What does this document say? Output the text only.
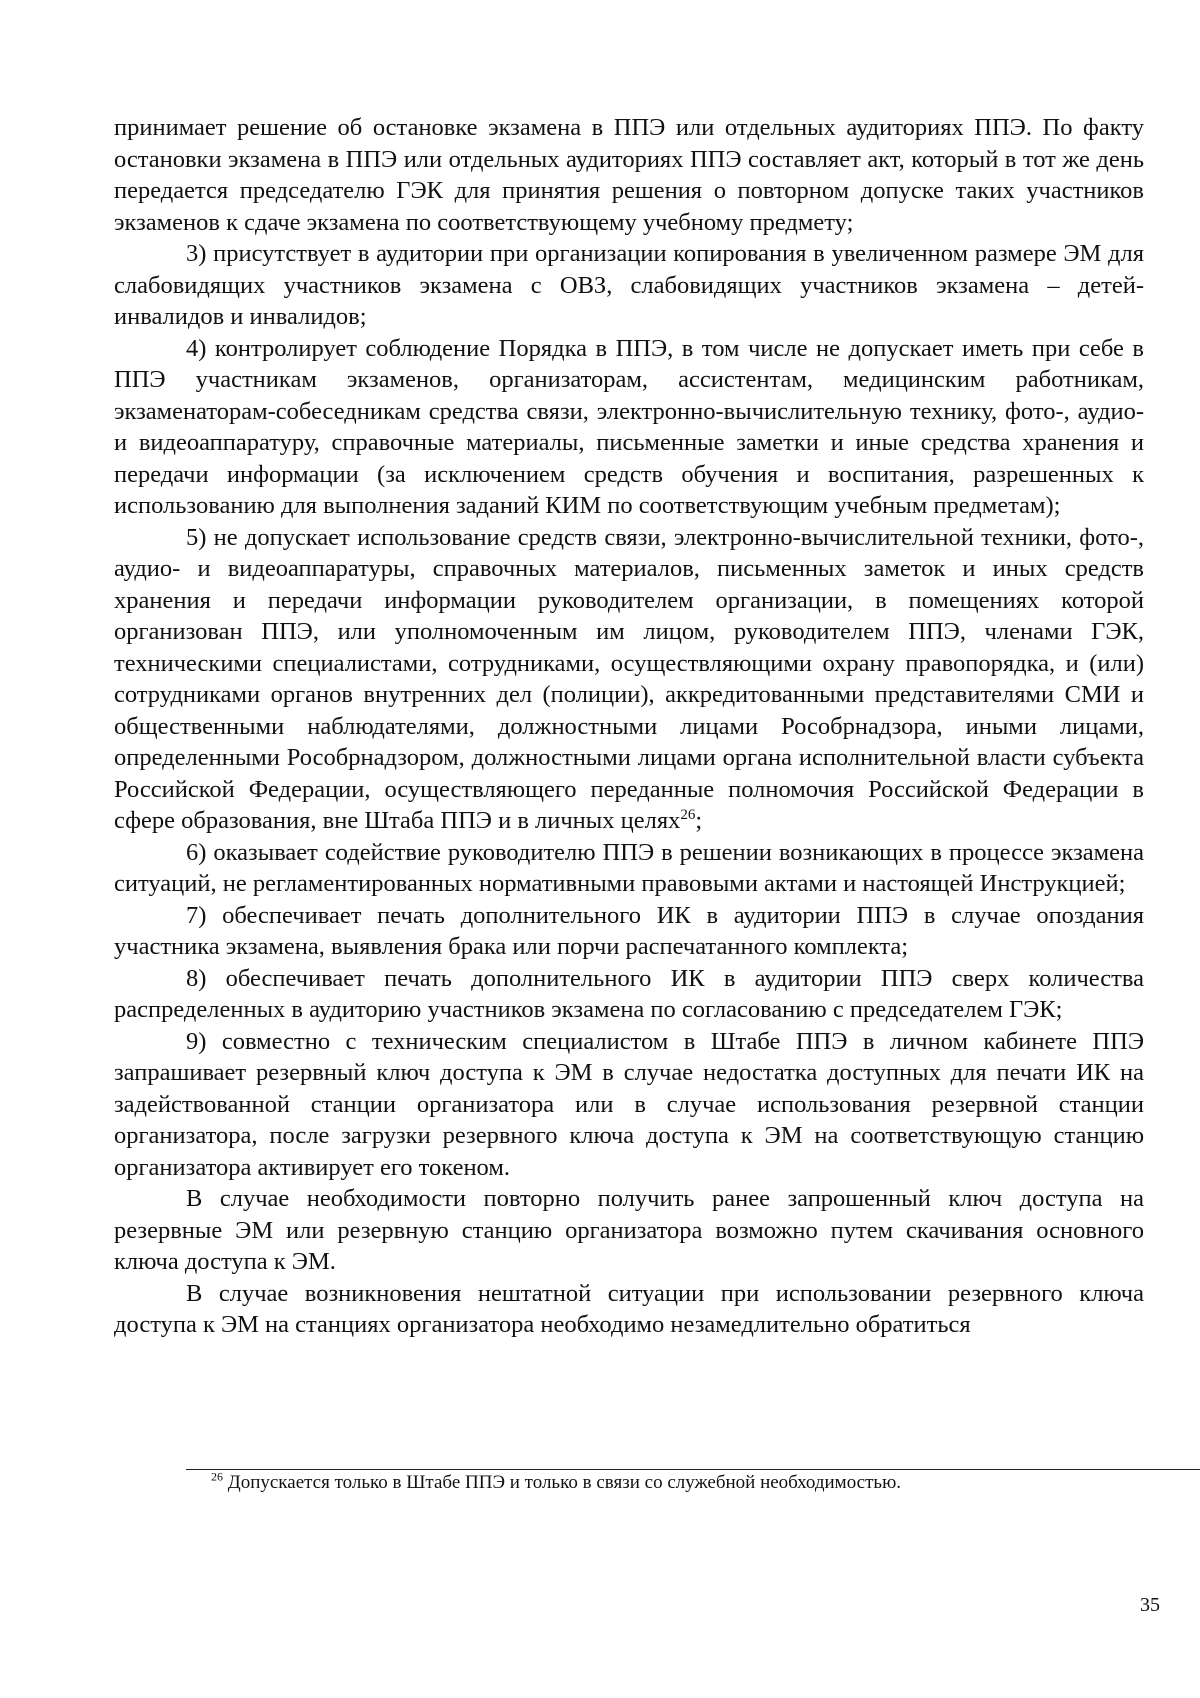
принимает решение об остановке экзамена в ППЭ или отдельных аудиториях ППЭ. По факту остановки экзамена в ППЭ или отдельных аудиториях ППЭ составляет акт, который в тот же день передается председателю ГЭК для принятия решения о повторном допуске таких участников экзаменов к сдаче экзамена по соответствующему учебному предмету;

3) присутствует в аудитории при организации копирования в увеличенном размере ЭМ для слабовидящих участников экзамена с ОВЗ, слабовидящих участников экзамена – детей-инвалидов и инвалидов;

4) контролирует соблюдение Порядка в ППЭ, в том числе не допускает иметь при себе в ППЭ участникам экзаменов, организаторам, ассистентам, медицинским работникам, экзаменаторам-собеседникам средства связи, электронно-вычислительную технику, фото-, аудио- и видеоаппаратуру, справочные материалы, письменные заметки и иные средства хранения и передачи информации (за исключением средств обучения и воспитания, разрешенных к использованию для выполнения заданий КИМ по соответствующим учебным предметам);

5) не допускает использование средств связи, электронно-вычислительной техники, фото-, аудио- и видеоаппаратуры, справочных материалов, письменных заметок и иных средств хранения и передачи информации руководителем организации, в помещениях которой организован ППЭ, или уполномоченным им лицом, руководителем ППЭ, членами ГЭК, техническими специалистами, сотрудниками, осуществляющими охрану правопорядка, и (или) сотрудниками органов внутренних дел (полиции), аккредитованными представителями СМИ и общественными наблюдателями, должностными лицами Рособрнадзора, иными лицами, определенными Рособрнадзором, должностными лицами органа исполнительной власти субъекта Российской Федерации, осуществляющего переданные полномочия Российской Федерации в сфере образования, вне Штаба ППЭ и в личных целях$^{26}$;

6) оказывает содействие руководителю ППЭ в решении возникающих в процессе экзамена ситуаций, не регламентированных нормативными правовыми актами и настоящей Инструкцией;

7) обеспечивает печать дополнительного ИК в аудитории ППЭ в случае опоздания участника экзамена, выявления брака или порчи распечатанного комплекта;

8) обеспечивает печать дополнительного ИК в аудитории ППЭ сверх количества распределенных в аудиторию участников экзамена по согласованию с председателем ГЭК;

9) совместно с техническим специалистом в Штабе ППЭ в личном кабинете ППЭ запрашивает резервный ключ доступа к ЭМ в случае недостатка доступных для печати ИК на задействованной станции организатора или в случае использования резервной станции организатора, после загрузки резервного ключа доступа к ЭМ на соответствующую станцию организатора активирует его токеном.

В случае необходимости повторно получить ранее запрошенный ключ доступа на резервные ЭМ или резервную станцию организатора возможно путем скачивания основного ключа доступа к ЭМ.

В случае возникновения нештатной ситуации при использовании резервного ключа доступа к ЭМ на станциях организатора необходимо незамедлительно обратиться

$^{26}$ Допускается только в Штабе ППЭ и только в связи со служебной необходимостью.
35
